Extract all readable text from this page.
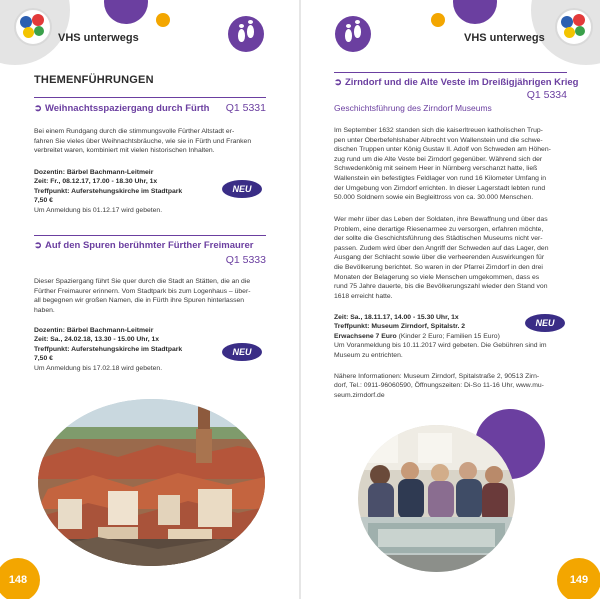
VHS unterwegs
THEMENFÜHRUNGEN
➲ Weihnachtsspaziergang durch Fürth	Q1 5331
Bei einem Rundgang durch die stimmungsvolle Fürther Altstadt er-
fahren Sie vieles über Weihnachtsbräuche, wie sie in Fürth und Franken
verbreitet waren, kombiniert mit vielen historischen Inhalten.
Dozentin: Bärbel Bachmann-Leitmeir
Zeit: Fr., 08.12.17, 17.00 - 18.30 Uhr, 1x
Treffpunkt: Auferstehungskirche im Stadtpark
7,50 €
Um Anmeldung bis 01.12.17 wird gebeten.
NEU
➲ Auf den Spuren berühmter Fürther Freimaurer
Q1 5333
Dieser Spaziergang führt Sie quer durch die Stadt an Stätten, die an die
Fürther Freimaurer erinnern. Vom Stadtpark bis zum Logenhaus – über-
all begegnen wir großen Namen, die in Fürth ihre Spuren hinterlassen
haben.
Dozentin: Bärbel Bachmann-Leitmeir
Zeit: Sa., 24.02.18, 13.30 - 15.00 Uhr, 1x
Treffpunkt: Auferstehungskirche im Stadtpark
7,50 €
Um Anmeldung bis 17.02.18 wird gebeten.
NEU
148
VHS unterwegs
➲ Zirndorf und die Alte Veste im Dreißigjährigen Krieg
Q1 5334
Geschichtsführung des Zirndorf Museums
Im September 1632 standen sich die kaiserltreuen katholischen Trup-
pen unter Oberbefehlshaber Albrecht von Wallenstein und die schwe-
dischen Truppen unter König Gustav II. Adolf von Schweden am Höhen-
zug rund um die Alte Veste bei Zirndorf gegenüber. Während sich der
Schwedenkönig mit seinem Heer in Nürnberg verschanzt hatte, ließ
Wallenstein ein befestigtes Feldlager von rund 16 Kilometer Umfang in
der Umgebung von Zirndorf errichten. In dieser Lagerstadt lebten rund
50.000 Soldnern sowie ein Begleittross von ca. 30.000 Menschen.
Wer mehr über das Leben der Soldaten, ihre Bewaffnung und über das
Problem, eine derartige Riesenarmee zu versorgen, erfahren möchte,
der sollte die Geschichtsführung des Städtischen Museums nicht ver-
passen. Zudem wird über den Angriff der Schweden auf das Lager, den
Ausgang der Schlacht sowie über die verheerenden Auswirkungen für
die Bevölkerung berichtet. So waren in der Pfarrei Zirndorf in den drei
Monaten der Belagerung so viele Menschen umgekommen, dass es
rund 75 Jahre dauerte, bis die Bevölkerungszahl wieder den Stand von
1618 erreicht hatte.
Zeit: Sa., 18.11.17, 14.00 - 15.30 Uhr, 1x
Treffpunkt: Museum Zirndorf, Spitalstr. 2
Erwachsene 7 Euro (Kinder 2 Euro; Familien 15 Euro)
Um Voranmeldung bis 10.11.2017 wird gebeten. Die Gebühren sind im
Museum zu entrichten.
NEU
Nähere Informationen: Museum Zirndorf, Spitalstraße 2, 90513 Zirn-
dorf, Tel.: 0911-96060590, Öffnungszeiten: Di-So 11-16 Uhr, www.mu-
seum.zirndorf.de
149
